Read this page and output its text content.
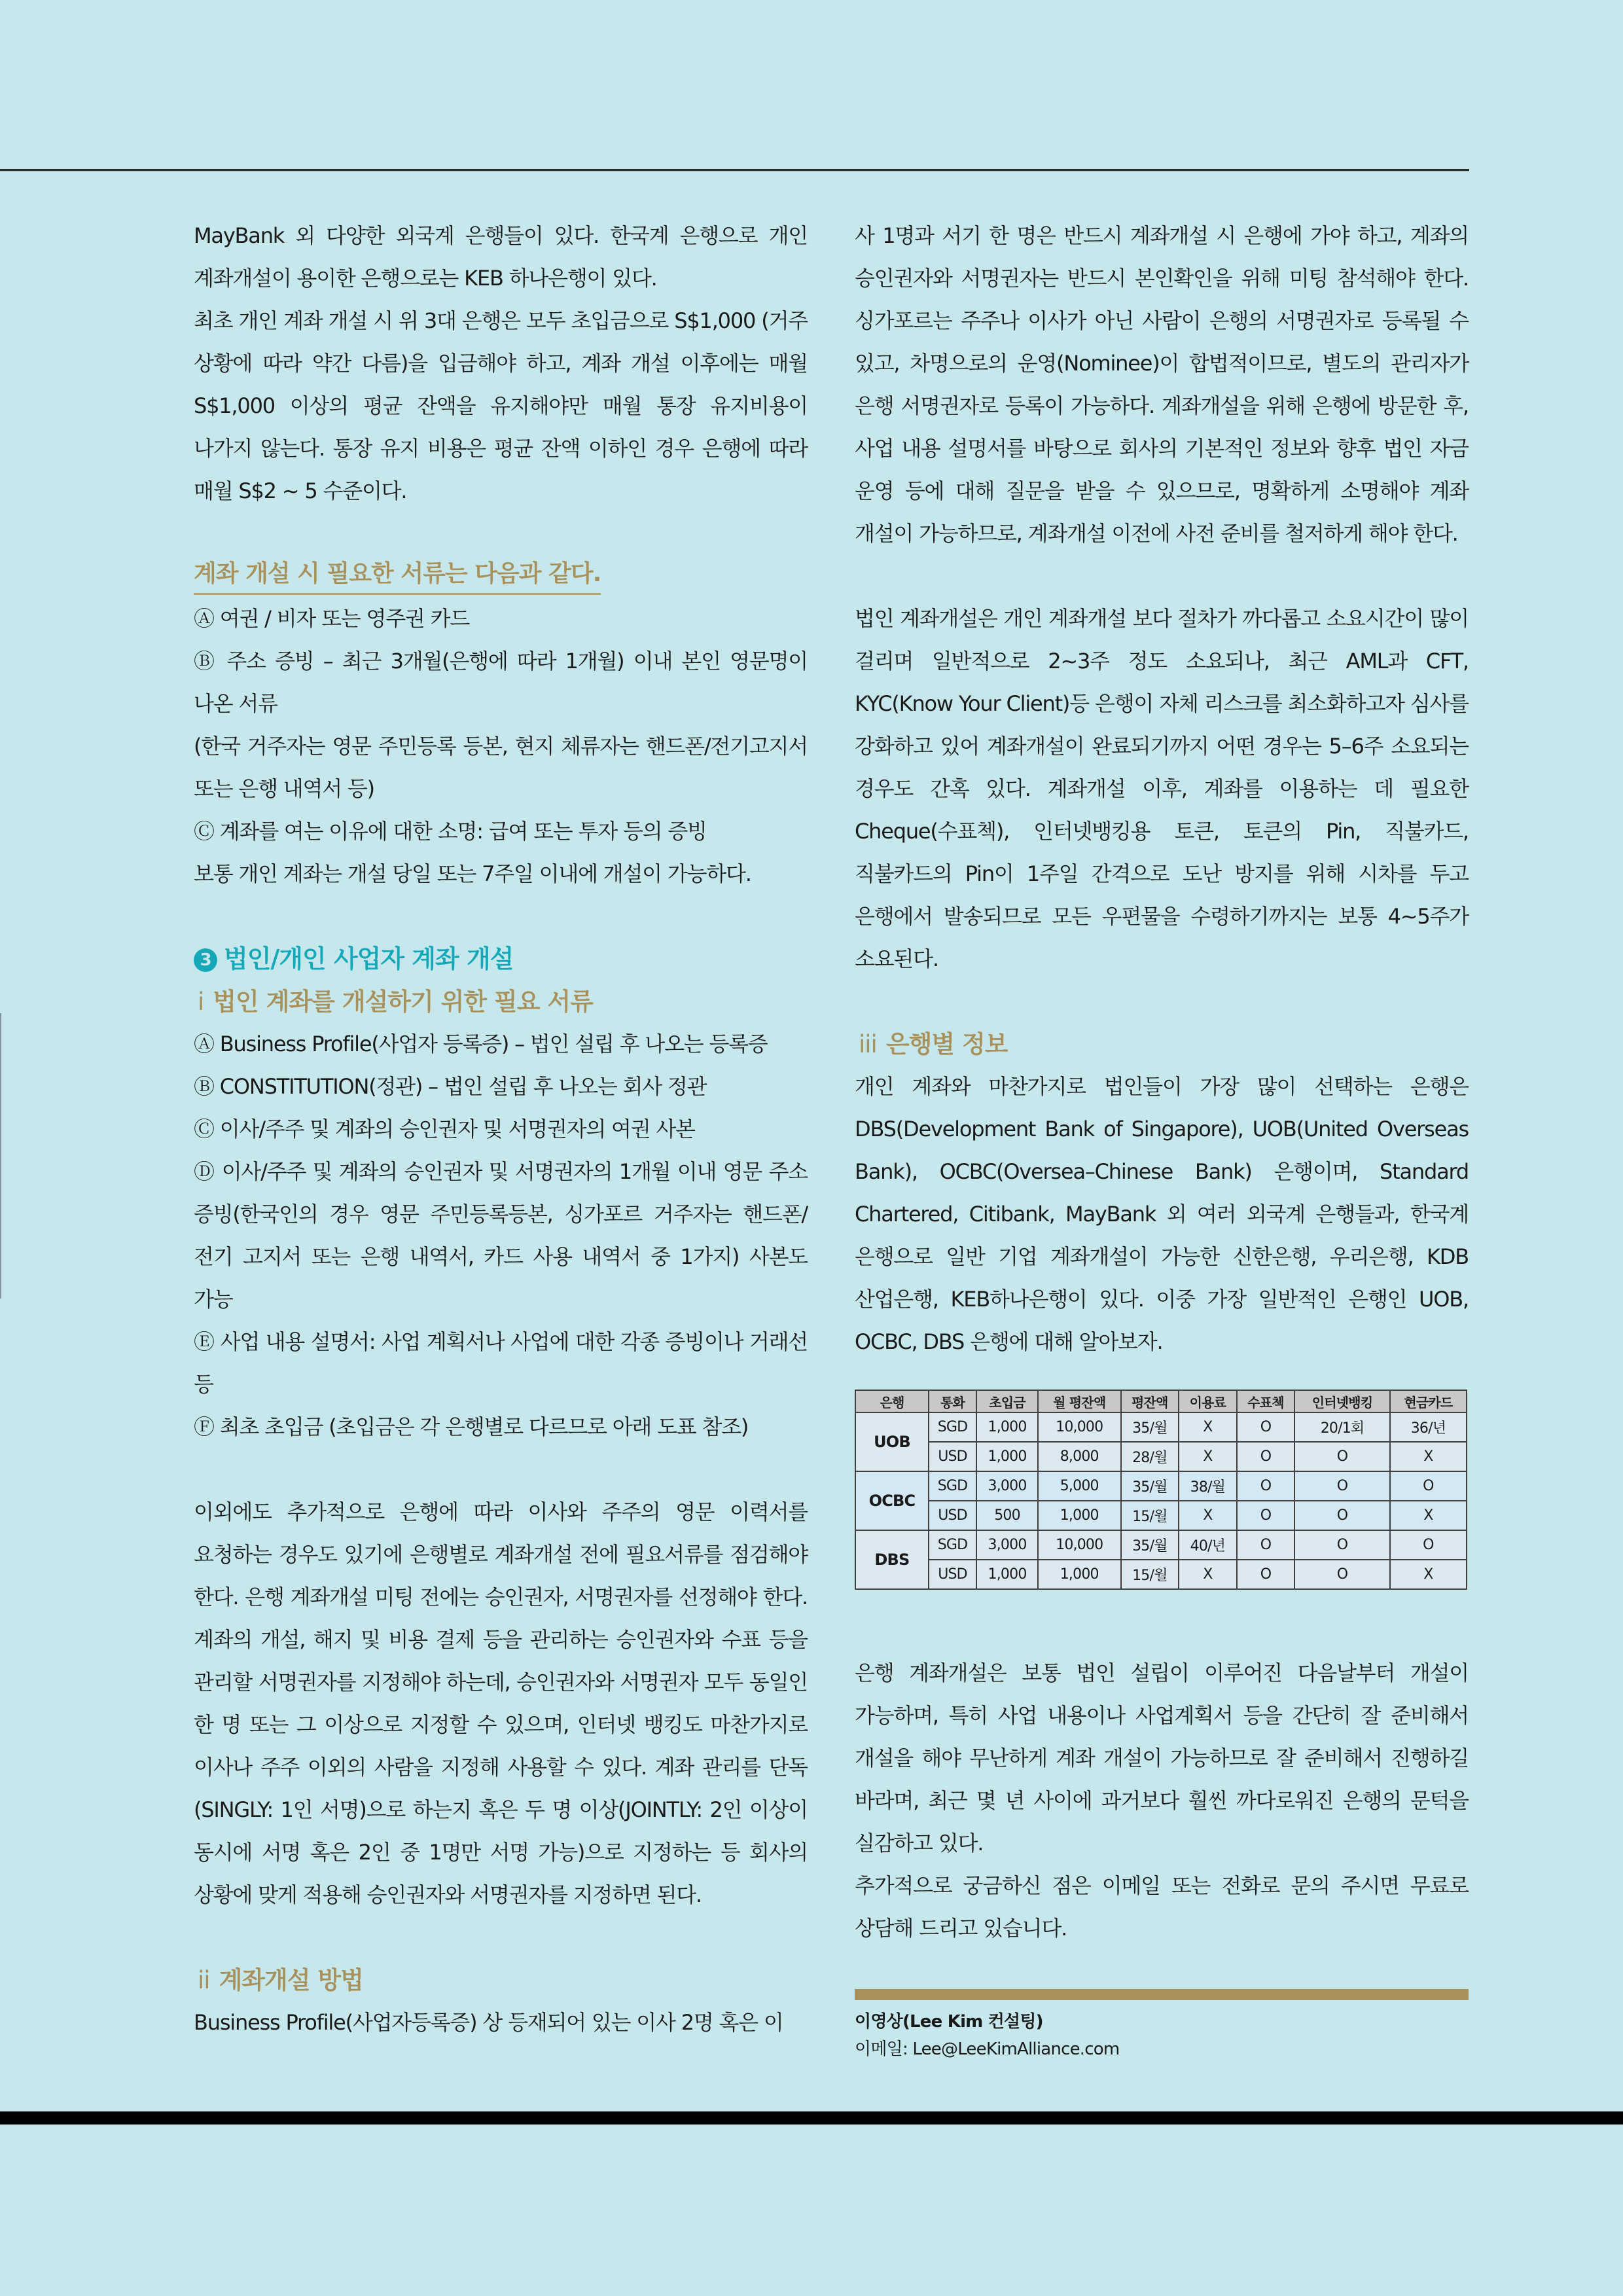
MayBank 외 다양한 외국계 은행들이 있다. 한국계 은행으로 개인 계좌개설이 용이한 은행으로는 KEB 하나은행이 있다.

최초 개인 계좌 개설 시 위 3대 은행은 모두 초입금으로 S$1,000 (거주 상황에 따라 약간 다름)을 입금해야 하고, 계좌 개설 이후에는 매월 S$1,000 이상의 평균 잔액을 유지해야만 매월 통장 유지비용이 나가지 않는다. 통장 유지 비용은 평균 잔액 이하인 경우 은행에 따라 매월 S$2 ~ 5 수준이다.

계좌 개설 시 필요한 서류는 다음과 같다.
Ⓐ 여권 / 비자 또는 영주권 카드
Ⓑ 주소 증빙 – 최근 3개월(은행에 따라 1개월) 이내 본인 영문명이 나온 서류
(한국 거주자는 영문 주민등록 등본, 현지 체류자는 핸드폰/전기고지서 또는 은행 내역서 등)
Ⓒ 계좌를 여는 이유에 대한 소명: 급여 또는 투자 등의 증빙
보통 개인 계좌는 개설 당일 또는 7주일 이내에 개설이 가능하다.
3 법인/개인 사업자 계좌 개설
i 법인 계좌를 개설하기 위한 필요 서류
Ⓐ Business Profile(사업자 등록증) – 법인 설립 후 나오는 등록증
Ⓑ CONSTITUTION(정관) – 법인 설립 후 나오는 회사 정관
Ⓒ 이사/주주 및 계좌의 승인권자 및 서명권자의 여권 사본
Ⓓ 이사/주주 및 계좌의 승인권자 및 서명권자의 1개월 이내 영문 주소 증빙(한국인의 경우 영문 주민등록등본, 싱가포르 거주자는 핸드폰/전기 고지서 또는 은행 내역서, 카드 사용 내역서 중 1가지) 사본도 가능
Ⓔ 사업 내용 설명서: 사업 계획서나 사업에 대한 각종 증빙이나 거래선 등
Ⓕ 최초 초입금 (초입금은 각 은행별로 다르므로 아래 도표 참조)

이외에도 추가적으로 은행에 따라 이사와 주주의 영문 이력서를 요청하는 경우도 있기에 은행별로 계좌개설 전에 필요서류를 점검해야 한다. 은행 계좌개설 미팅 전에는 승인권자, 서명권자를 선정해야 한다. 계좌의 개설, 해지 및 비용 결제 등을 관리하는 승인권자와 수표 등을 관리할 서명권자를 지정해야 하는데, 승인권자와 서명권자 모두 동일인 한 명 또는 그 이상으로 지정할 수 있으며, 인터넷 뱅킹도 마찬가지로 이사나 주주 이외의 사람을 지정해 사용할 수 있다. 계좌 관리를 단독(SINGLY: 1인 서명)으로 하는지 혹은 두 명 이상(JOINTLY: 2인 이상이 동시에 서명 혹은 2인 중 1명만 서명 가능)으로 지정하는 등 회사의 상황에 맞게 적용해 승인권자와 서명권자를 지정하면 된다.

ii 계좌개설 방법

Business Profile(사업자등록증) 상 등재되어 있는 이사 2명 혹은 이

사 1명과 서기 한 명은 반드시 계좌개설 시 은행에 가야 하고, 계좌의 승인권자와 서명권자는 반드시 본인확인을 위해 미팅 참석해야 한다. 싱가포르는 주주나 이사가 아닌 사람이 은행의 서명권자로 등록될 수 있고, 차명으로의 운영(Nominee)이 합법적이므로, 별도의 관리자가 은행 서명권자로 등록이 가능하다. 계좌개설을 위해 은행에 방문한 후, 사업 내용 설명서를 바탕으로 회사의 기본적인 정보와 향후 법인 자금 운영 등에 대해 질문을 받을 수 있으므로, 명확하게 소명해야 계좌 개설이 가능하므로, 계좌개설 이전에 사전 준비를 철저하게 해야 한다.

법인 계좌개설은 개인 계좌개설 보다 절차가 까다롭고 소요시간이 많이 걸리며 일반적으로 2~3주 정도 소요되나, 최근 AML과 CFT, KYC(Know Your Client)등 은행이 자체 리스크를 최소화하고자 심사를 강화하고 있어 계좌개설이 완료되기까지 어떤 경우는 5–6주 소요되는 경우도 간혹 있다. 계좌개설 이후, 계좌를 이용하는 데 필요한 Cheque(수표첵), 인터넷뱅킹용 토큰, 토큰의 Pin, 직불카드, 직불카드의 Pin이 1주일 간격으로 도난 방지를 위해 시차를 두고 은행에서 발송되므로 모든 우편물을 수령하기까지는 보통 4~5주가 소요된다.

iii 은행별 정보

개인 계좌와 마찬가지로 법인들이 가장 많이 선택하는 은행은 DBS(Development Bank of Singapore), UOB(United Overseas Bank), OCBC(Oversea–Chinese Bank) 은행이며, Standard Chartered, Citibank, MayBank 외 여러 외국계 은행들과, 한국계 은행으로 일반 기업 계좌개설이 가능한 신한은행, 우리은행, KDB 산업은행, KEB하나은행이 있다. 이중 가장 일반적인 은행인 UOB, OCBC, DBS 은행에 대해 알아보자.

은행	통화	초입금	월 평잔액	평잔액	이용료	수표첵	인터넷뱅킹	현금카드
UOB	SGD	1,000	10,000	35/월	X	O	20/1회	36/년
	USD	1,000	8,000	28/월	X	O	O	X
OCBC	SGD	3,000	5,000	35/월	38/월	O	O	O
	USD	500	1,000	15/월	X	O	O	X
DBS	SGD	3,000	10,000	35/월	40/년	O	O	O
	USD	1,000	1,000	15/월	X	O	O	X

은행 계좌개설은 보통 법인 설립이 이루어진 다음날부터 개설이 가능하며, 특히 사업 내용이나 사업계획서 등을 간단히 잘 준비해서 개설을 해야 무난하게 계좌 개설이 가능하므로 잘 준비해서 진행하길 바라며, 최근 몇 년 사이에 과거보다 훨씬 까다로워진 은행의 문턱을 실감하고 있다.

추가적으로 궁금하신 점은 이메일 또는 전화로 문의 주시면 무료로 상담해 드리고 있습니다.

이영상(Lee Kim 컨설팅)
이메일: Lee@LeeKimAlliance.com
